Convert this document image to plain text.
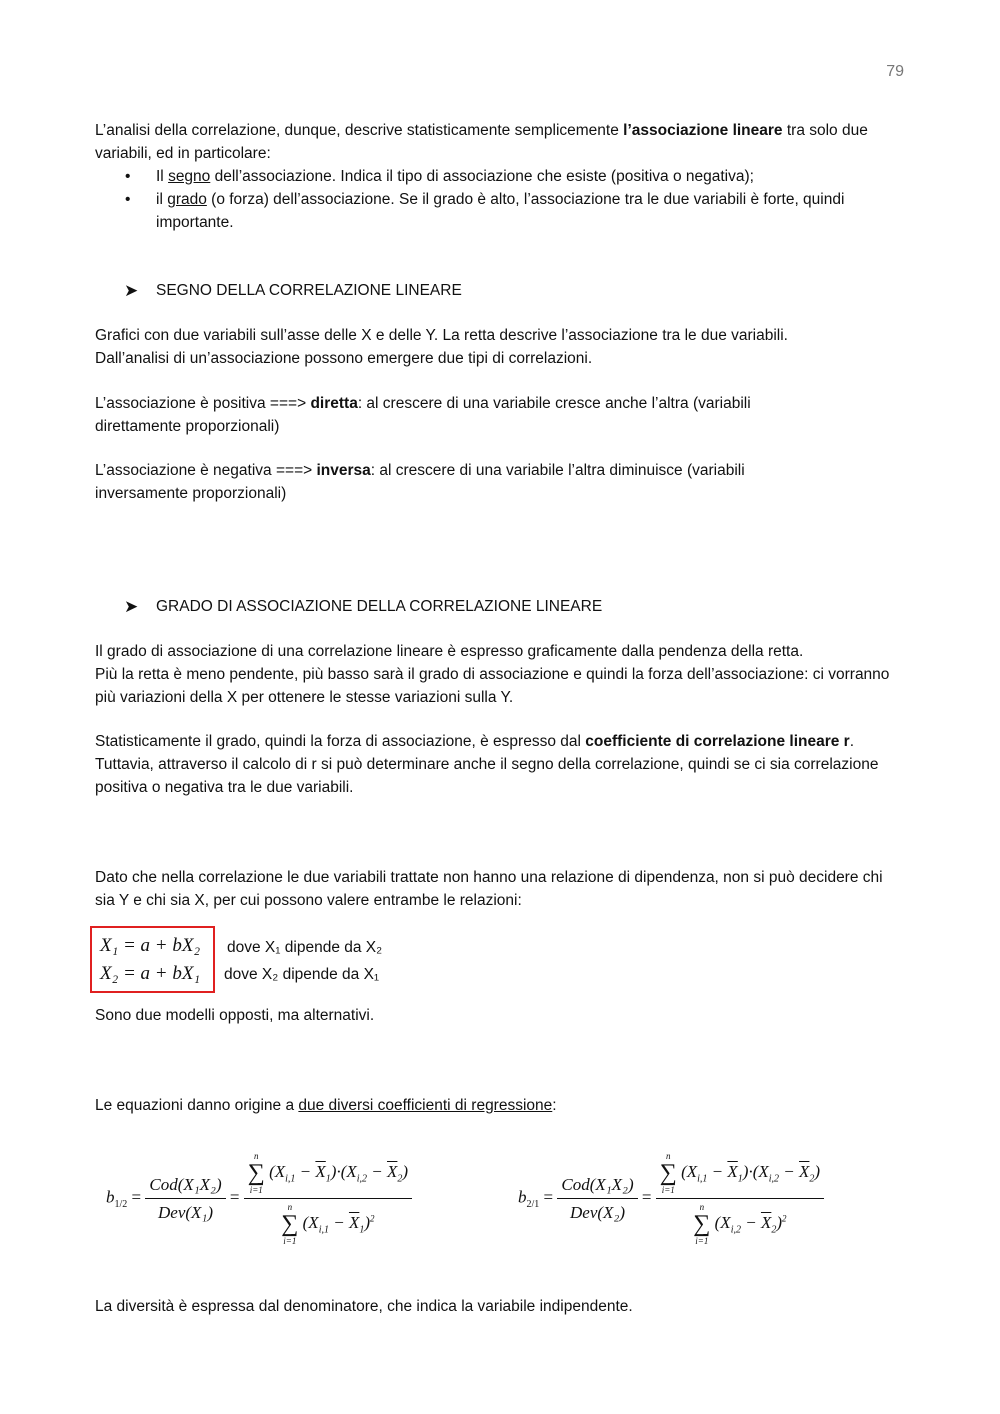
79
L’analisi della correlazione, dunque, descrive statisticamente semplicemente l’associazione lineare tra solo due variabili, ed in particolare:
• Il segno dell’associazione. Indica il tipo di associazione che esiste (positiva o negativa);
• il grado (o forza) dell’associazione. Se il grado è alto, l’associazione tra le due variabili è forte, quindi importante.
➤	SEGNO DELLA CORRELAZIONE LINEARE
Grafici con due variabili sull’asse delle X e delle Y. La retta descrive l’associazione tra le due variabili.
Dall’analisi di un’associazione possono emergere due tipi di correlazioni.
L’associazione è positiva ===> diretta: al crescere di una variabile cresce anche l’altra (variabili direttamente proporzionali)
L’associazione è negativa ===> inversa: al crescere di una variabile l’altra diminuisce (variabili inversamente proporzionali)
➤	GRADO DI ASSOCIAZIONE DELLA CORRELAZIONE LINEARE
Il grado di associazione di una correlazione lineare è espresso graficamente dalla pendenza della retta.
Più la retta è meno pendente, più basso sarà il grado di associazione e quindi la forza dell’associazione: ci vorranno più variazioni della X per ottenere le stesse variazioni sulla Y.
Statisticamente il grado, quindi la forza di associazione, è espresso dal coefficiente di correlazione lineare r. Tuttavia, attraverso il calcolo di r si può determinare anche il segno della correlazione, quindi se ci sia correlazione positiva o negativa tra le due variabili.
Dato che nella correlazione le due variabili trattate non hanno una relazione di dipendenza, non si può decidere chi sia Y e chi sia X, per cui possono valere entrambe le relazioni:
X₁ = a + bX₂
X₂ = a + bX₁
dove X₁ dipende da X₂
dove X₂ dipende da X₁
Sono due modelli opposti, ma alternativi.
Le equazioni danno origine a due diversi coefficienti di regressione:
$b_{1/2} = \frac{\text{Cod(X₁X₂)}}{\text{Dev(X₁)}} = n$
∑
i=1
$(X_{i,1} - \overline{X}_1)\cdot(X_{i,2} - \overline{X}_2)$
n
∑
i=1
$(X_{i,1} - \overline{X}_1)^2$	$b_{2/1} = \frac{\text{Cod(X₁X₂)}}{\text{Dev(X₂)}} = n$
∑
i=1
$(X_{i,1} - \overline{X}_1)\cdot(X_{i,2} - \overline{X}_2)$
n
∑
i=1
$(X_{i,2} - \overline{X}_2)^2$
La diversità è espressa dal denominatore, che indica la variabile indipendente.
